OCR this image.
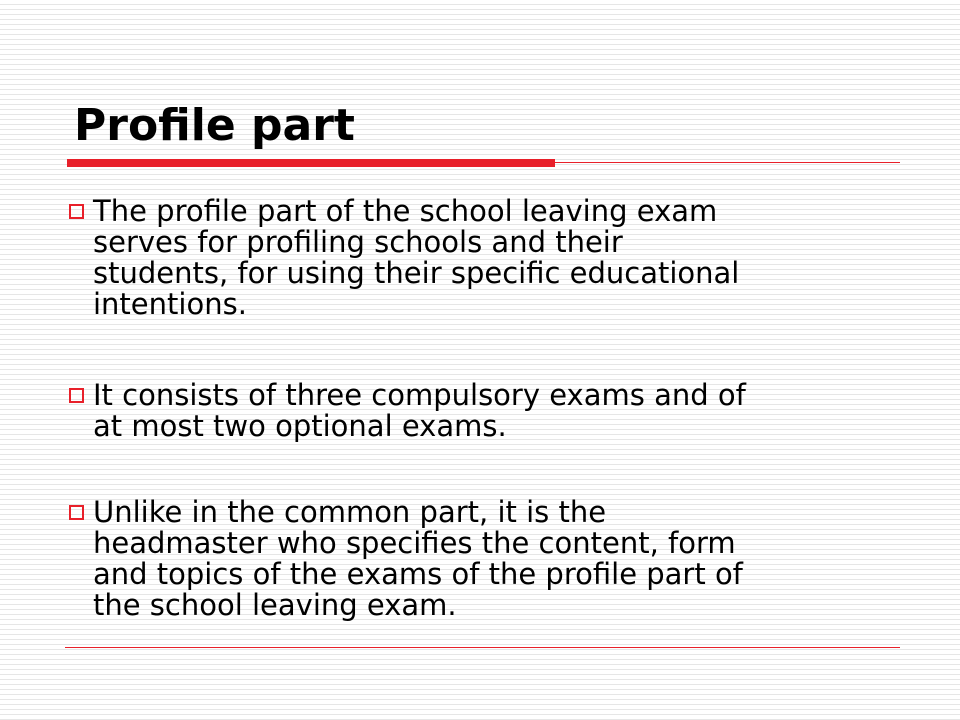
Profile part

The profile part of the school leaving exam
serves for profiling schools and their
students, for using their specific educational
intentions.

It consists of three compulsory exams and of
at most two optional exams.

Unlike in the common part, it is the
headmaster who specifies the content, form
and topics of the exams of the profile part of
the school leaving exam.
